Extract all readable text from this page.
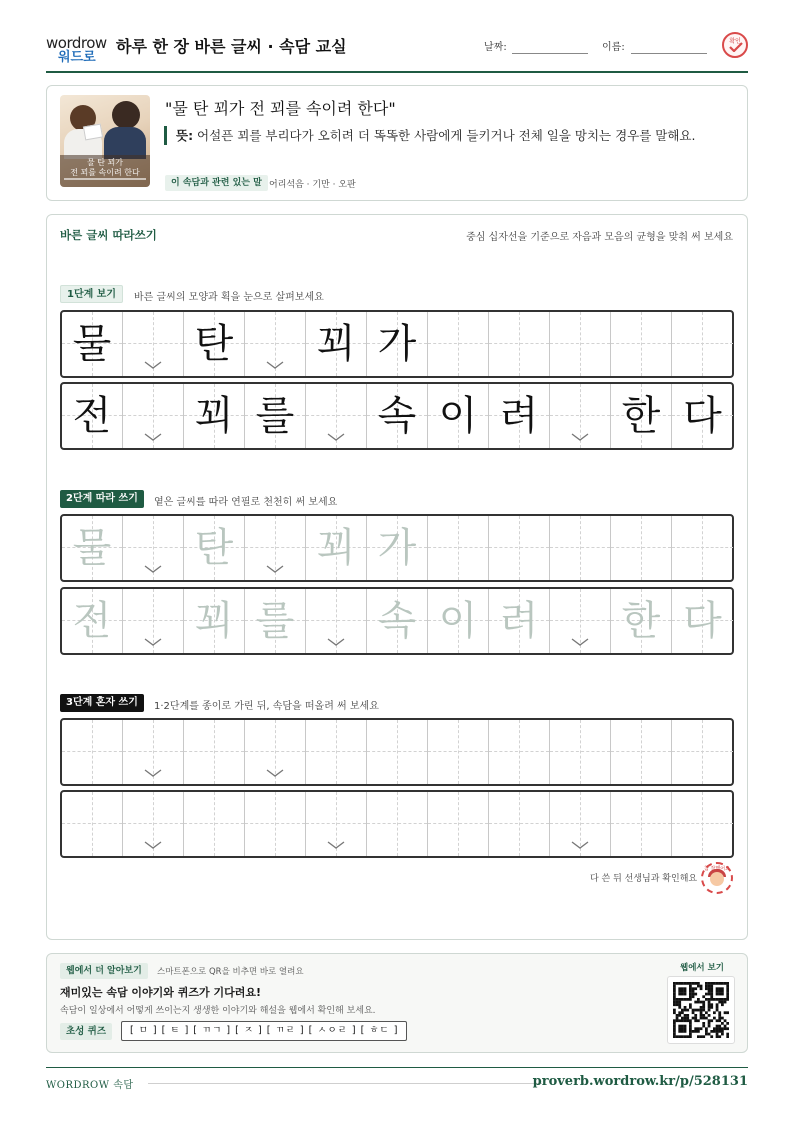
wordrow
워드로
하루 한 장 바른 글씨 · 속담 교실	날짜:	이름:
확인
물 탄 꾀가
전 꾀를 속이려 한다
"물 탄 꾀가 전 꾀를 속이려 한다"
뜻: 어설픈 꾀를 부리다가 오히려 더 똑똑한 사람에게 들키거나 전체 일을 망치는 경우를 말해요.
이 속담과 관련 있는 말 어리석음 · 기만 · 오판
바른 글씨 따라쓰기	중심 십자선을 기준으로 자음과 모음의 균형을 맞춰 써 보세요
1단계 보기	바른 글씨의 모양과 획을 눈으로 살펴보세요
물 탄 꾀 가
전 꾀 를 속 이 려 한 다
2단계 따라 쓰기	옅은 글씨를 따라 연필로 천천히 써 보세요
물 탄 꾀 가
전 꾀 를 속 이 려 한 다
3단계 혼자 쓰기	1·2단계를 종이로 가린 뒤, 속담을 떠올려 써 보세요
다 쓴 뒤 선생님과 확인해요
참 잘했어요
웹에서 더 알아보기	스마트폰으로 QR을 비추면 바로 열려요
재미있는 속담 이야기와 퀴즈가 기다려요!
속담이 일상에서 어떻게 쓰이는지 생생한 이야기와 해설을 웹에서 확인해 보세요.
초성 퀴즈	[ ㅁ ] [ ㅌ ] [ ㄲㄱ ] [ ㅈ ] [ ㄲㄹ ] [ ㅅㅇㄹ ] [ ㅎㄷ ]
웹에서 보기
WORDROW 속담	proverb.wordrow.kr/p/528131
